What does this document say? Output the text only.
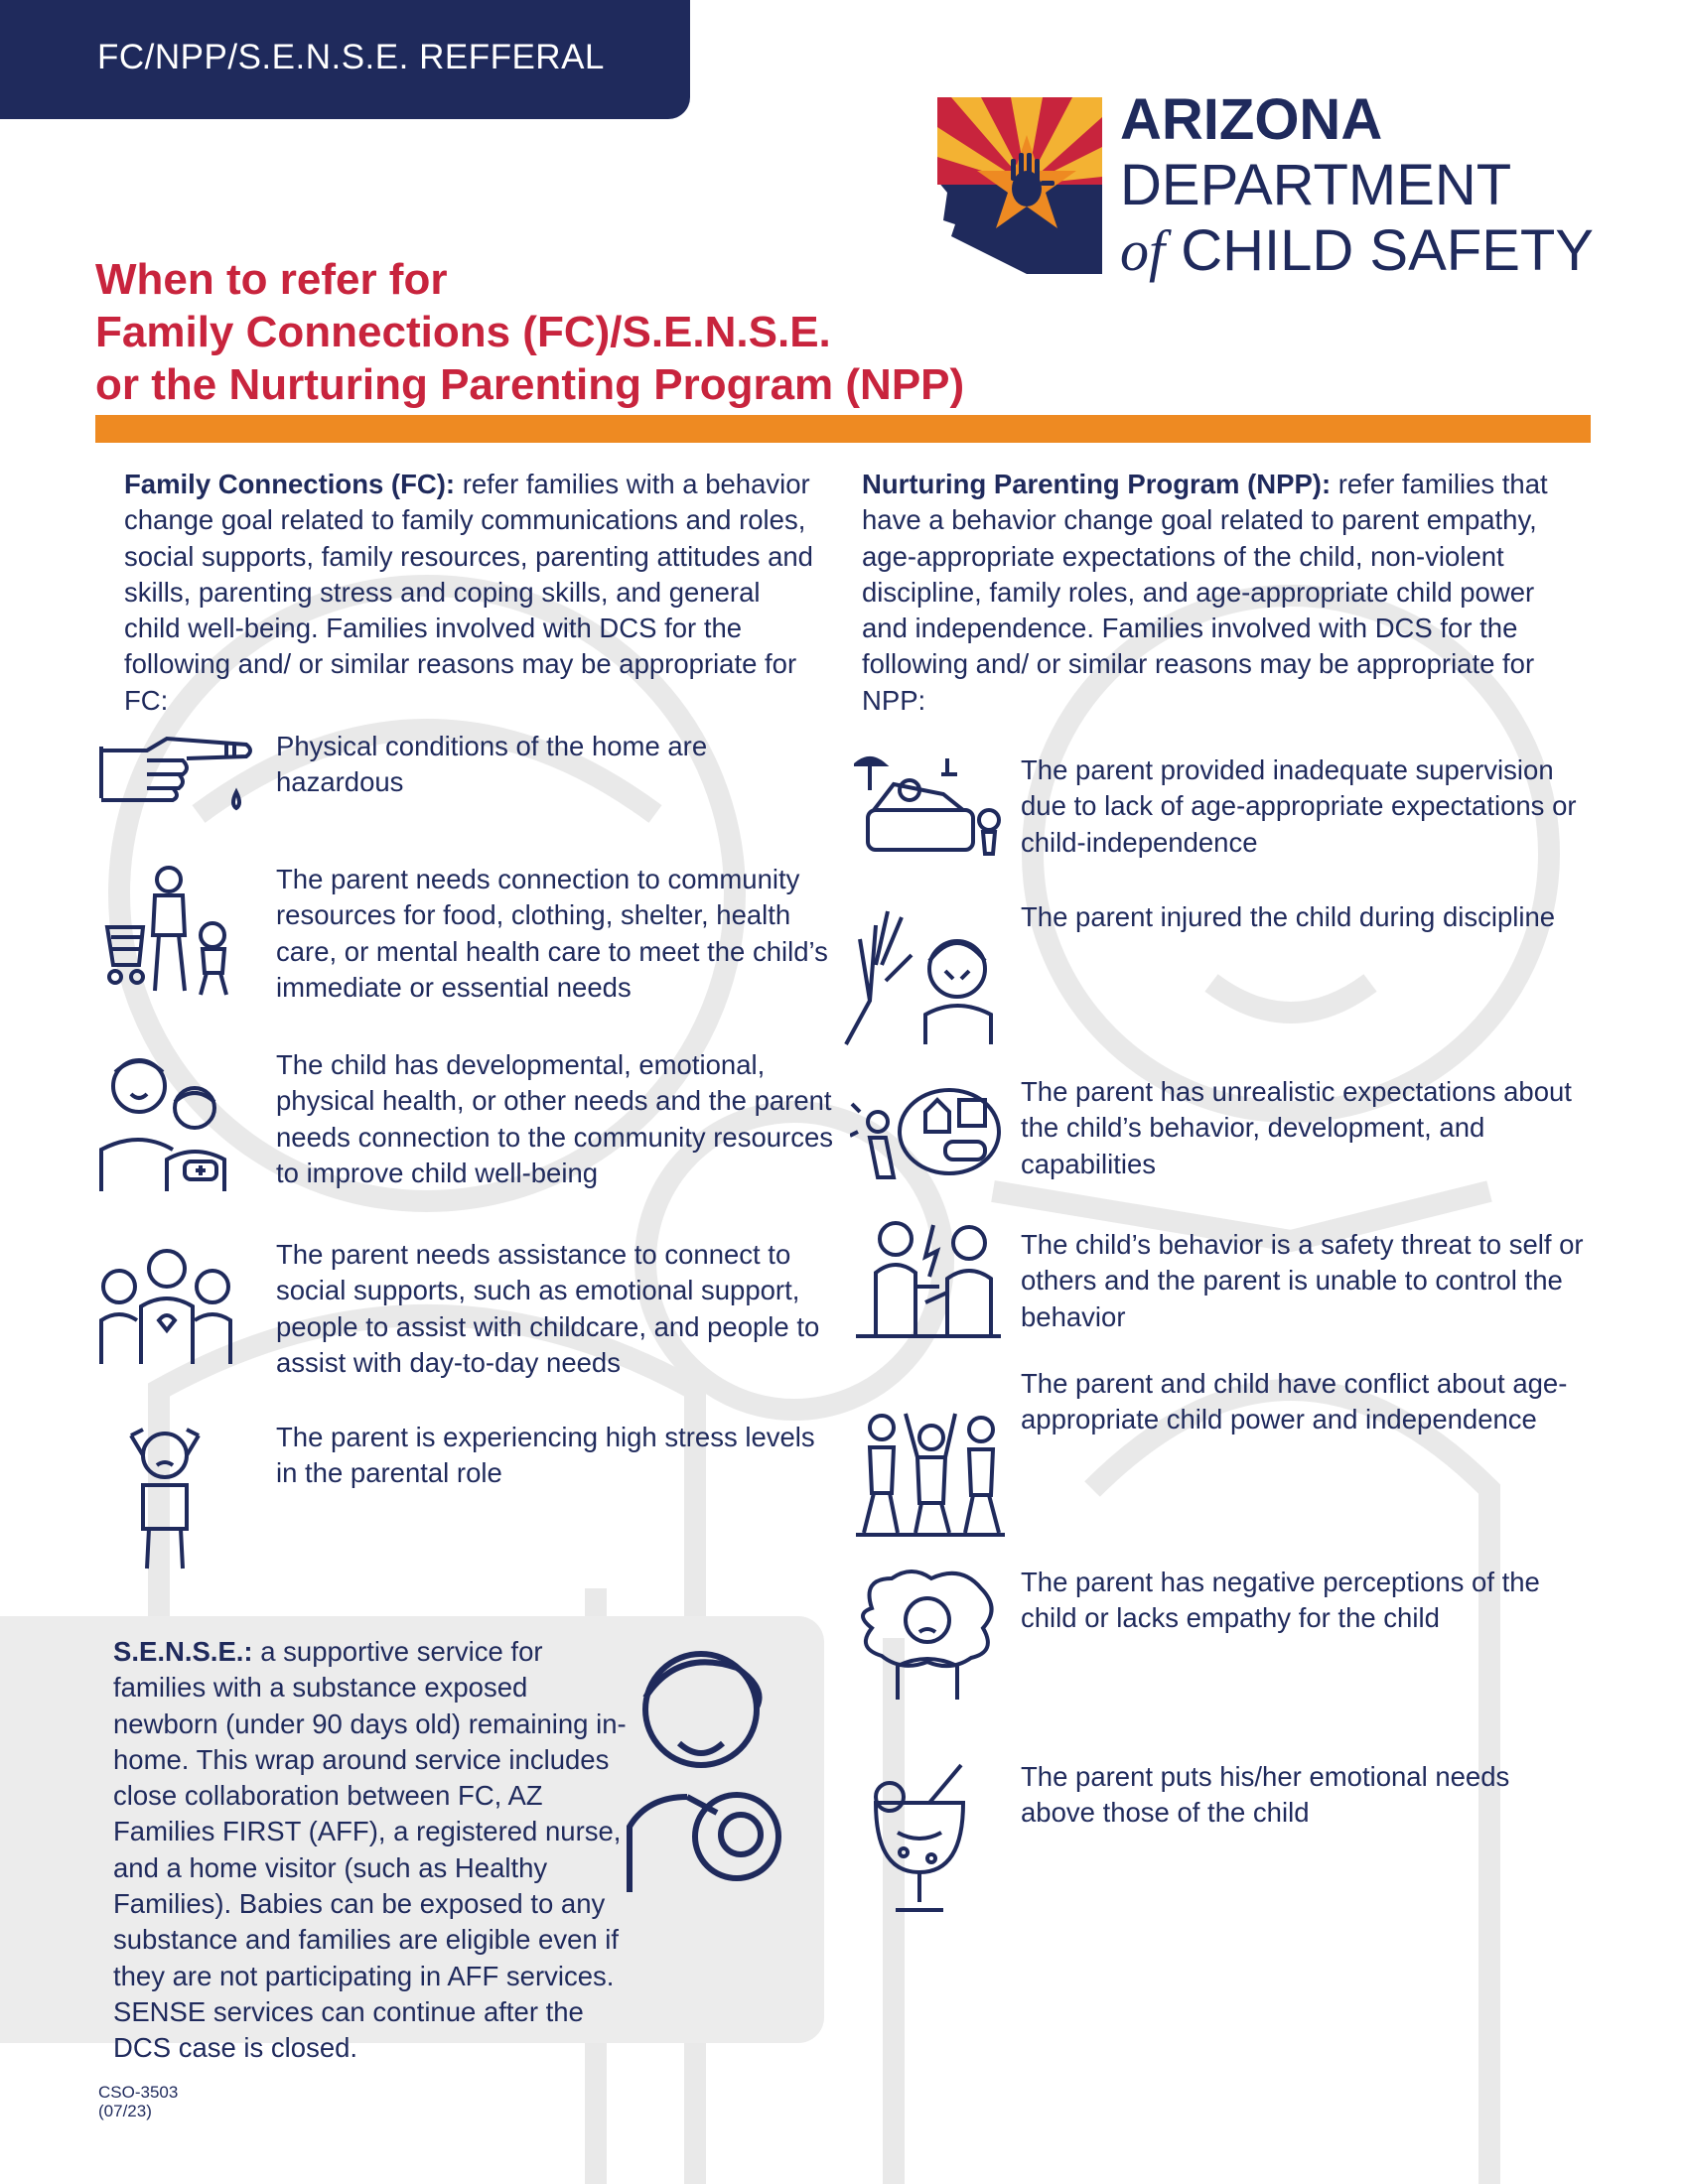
FC/NPP/S.E.N.S.E. REFFERAL
ARIZONA
DEPARTMENT
of CHILD SAFETY
When to refer for
Family Connections (FC)/S.E.N.S.E.
or the Nurturing Parenting Program (NPP)
Family Connections (FC): refer families with a behavior change goal related to family communications and roles, social supports, family resources, parenting attitudes and skills, parenting stress and coping skills, and general child well-being. Families involved with DCS for the following and/ or similar reasons may be appropriate for FC:
Nurturing Parenting Program (NPP): refer families that have a behavior change goal related to parent empathy, age-appropriate expectations of the child, non-violent discipline, family roles, and age-appropriate child power and independence. Families involved with DCS for the following and/ or similar reasons may be appropriate for NPP:
Physical conditions of the home are hazardous
The parent needs connection to community resources for food, clothing, shelter, health care, or mental health care to meet the child’s immediate or essential needs
The child has developmental, emotional, physical health, or other needs and the parent needs connection to the community resources to improve child well-being
The parent needs assistance to connect to social supports, such as emotional support, people to assist with childcare, and people to assist with day-to-day needs
The parent is experiencing high stress levels in the parental role
The parent provided inadequate supervision due to lack of age-appropriate expectations or child-independence
The parent injured the child during discipline
The parent has unrealistic expectations about the child’s behavior, development, and capabilities
The child’s behavior is a safety threat to self or others and the parent is unable to control the behavior
The parent and child have conflict about age-appropriate child power and independence
The parent has negative perceptions of the child or lacks empathy for the child
The parent puts his/her emotional needs above those of the child
S.E.N.S.E.: a supportive service for families with a substance exposed newborn (under 90 days old) remaining in-home. This wrap around service includes close collaboration between FC, AZ Families FIRST (AFF), a registered nurse, and a home visitor (such as Healthy Families). Babies can be exposed to any substance and families are eligible even if they are not participating in AFF services. SENSE services can continue after the DCS case is closed.
CSO-3503
(07/23)
